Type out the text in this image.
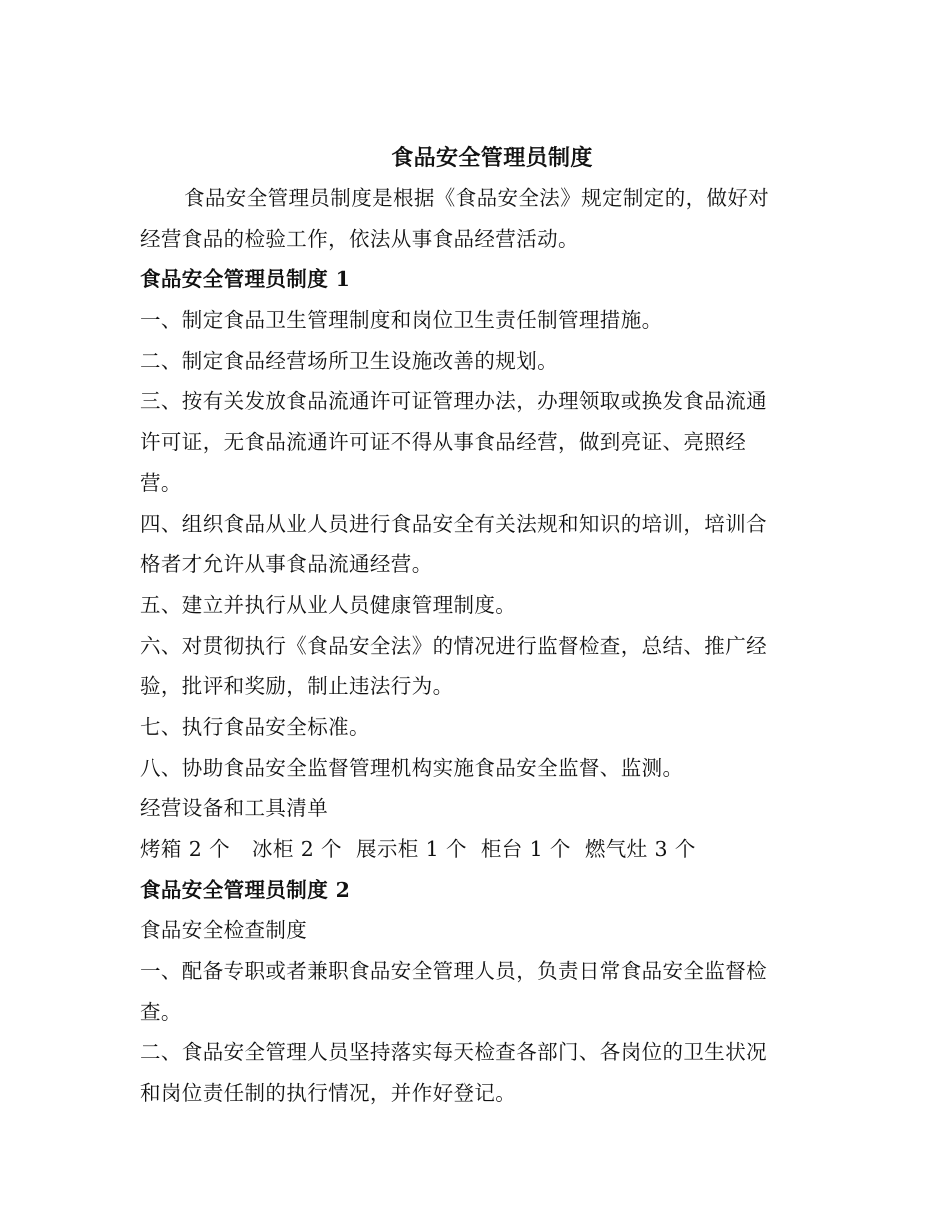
食品安全管理员制度

食品安全管理员制度是根据《食品安全法》规定制定的，做好对

经营食品的检验工作，依法从事食品经营活动。

食品安全管理员制度 1

一、制定食品卫生管理制度和岗位卫生责任制管理措施。

二、制定食品经营场所卫生设施改善的规划。

三、按有关发放食品流通许可证管理办法，办理领取或换发食品流通

许可证，无食品流通许可证不得从事食品经营，做到亮证、亮照经

营。

四、组织食品从业人员进行食品安全有关法规和知识的培训，培训合

格者才允许从事食品流通经营。

五、建立并执行从业人员健康管理制度。

六、对贯彻执行《食品安全法》的情况进行监督检查，总结、推广经

验，批评和奖励，制止违法行为。

七、执行食品安全标准。

八、协助食品安全监督管理机构实施食品安全监督、监测。

经营设备和工具清单

烤箱 2 个 冰柜 2 个 展示柜 1 个 柜台 1 个 燃气灶 3 个

食品安全管理员制度 2

食品安全检查制度

一、配备专职或者兼职食品安全管理人员，负责日常食品安全监督检

查。

二、食品安全管理人员坚持落实每天检查各部门、各岗位的卫生状况

和岗位责任制的执行情况，并作好登记。
